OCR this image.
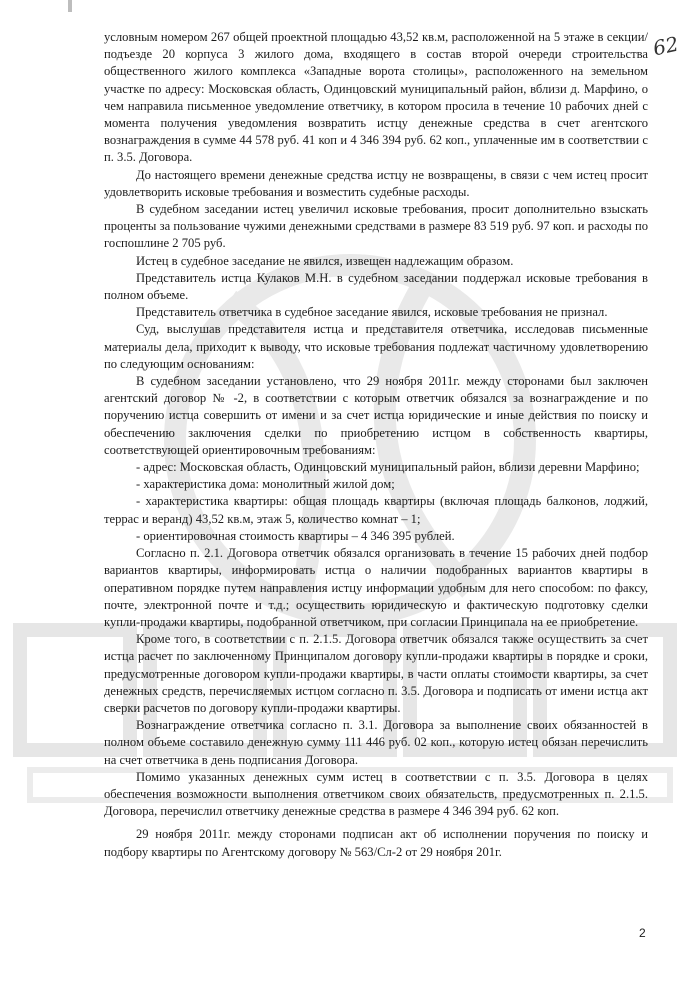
62

условным номером 267 общей проектной площадью 43,52 кв.м, расположенной на 5 этаже в секции/подъезде 20 корпуса 3 жилого дома, входящего в состав второй очереди строительства общественного жилого комплекса «Западные ворота столицы», расположенного на земельном участке по адресу: Московская область, Одинцовский муниципальный район, вблизи д. Марфино, о чем направила письменное уведомление ответчику, в котором просила в течение 10 рабочих дней с момента получения уведомления возвратить истцу денежные средства в счет агентского вознаграждения в сумме 44 578 руб. 41 коп и 4 346 394 руб. 62 коп., уплаченные им в соответствии с п. 3.5. Договора.

До настоящего времени денежные средства истцу не возвращены, в связи с чем истец просит удовлетворить исковые требования и возместить судебные расходы.

В судебном заседании истец увеличил исковые требования, просит дополнительно взыскать проценты за пользование чужими денежными средствами в размере 83 519 руб. 97 коп. и расходы по госпошлине 2 705 руб.

Истец в судебное заседание не явился, извещен надлежащим образом.

Представитель истца Кулаков М.Н. в судебном заседании поддержал исковые требования в полном объеме.

Представитель ответчика в судебное заседание явился, исковые требования не признал.

Суд, выслушав представителя истца и представителя ответчика, исследовав письменные материалы дела, приходит к выводу, что исковые требования подлежат частичному удовлетворению по следующим основаниям:

В судебном заседании установлено, что 29 ноября 2011г. между сторонами был заключен агентский договор № -2, в соответствии с которым ответчик обязался за вознаграждение и по поручению истца совершить от имени и за счет истца юридические и иные действия по поиску и обеспечению заключения сделки по приобретению истцом в собственность квартиры, соответствующей ориентировочным требованиям:

- адрес: Московская область, Одинцовский муниципальный район, вблизи деревни Марфино;

- характеристика дома: монолитный жилой дом;

- характеристика квартиры: общая площадь квартиры (включая площадь балконов, лоджий, террас и веранд) 43,52 кв.м, этаж 5, количество комнат – 1;

- ориентировочная стоимость квартиры – 4 346 395 рублей.

Согласно п. 2.1. Договора ответчик обязался организовать в течение 15 рабочих дней подбор вариантов квартиры, информировать истца о наличии подобранных вариантов квартиры в оперативном порядке путем направления истцу информации удобным для него способом: по факсу, почте, электронной почте и т.д.; осуществить юридическую и фактическую подготовку сделки купли-продажи квартиры, подобранной ответчиком, при согласии Принципала на ее приобретение.

Кроме того, в соответствии с п. 2.1.5. Договора ответчик обязался также осуществить за счет истца расчет по заключенному Принципалом договору купли-продажи квартиры в порядке и сроки, предусмотренные договором купли-продажи квартиры, в части оплаты стоимости квартиры, за счет денежных средств, перечисляемых истцом согласно п. 3.5. Договора и подписать от имени истца акт сверки расчетов по договору купли-продажи квартиры.

Вознаграждение ответчика согласно п. 3.1. Договора за выполнение своих обязанностей в полном объеме составило денежную сумму 111 446 руб. 02 коп., которую истец обязан перечислить на счет ответчика в день подписания Договора.

Помимо указанных денежных сумм истец в соответствии с п. 3.5. Договора в целях обеспечения возможности выполнения ответчиком своих обязательств, предусмотренных п. 2.1.5. Договора, перечислил ответчику денежные средства в размере 4 346 394 руб. 62 коп.

29 ноября 2011г. между сторонами подписан акт об исполнении поручения по поиску и подбору квартиры по Агентскому договору № 563/Сл-2 от 29 ноября 201г.

2
